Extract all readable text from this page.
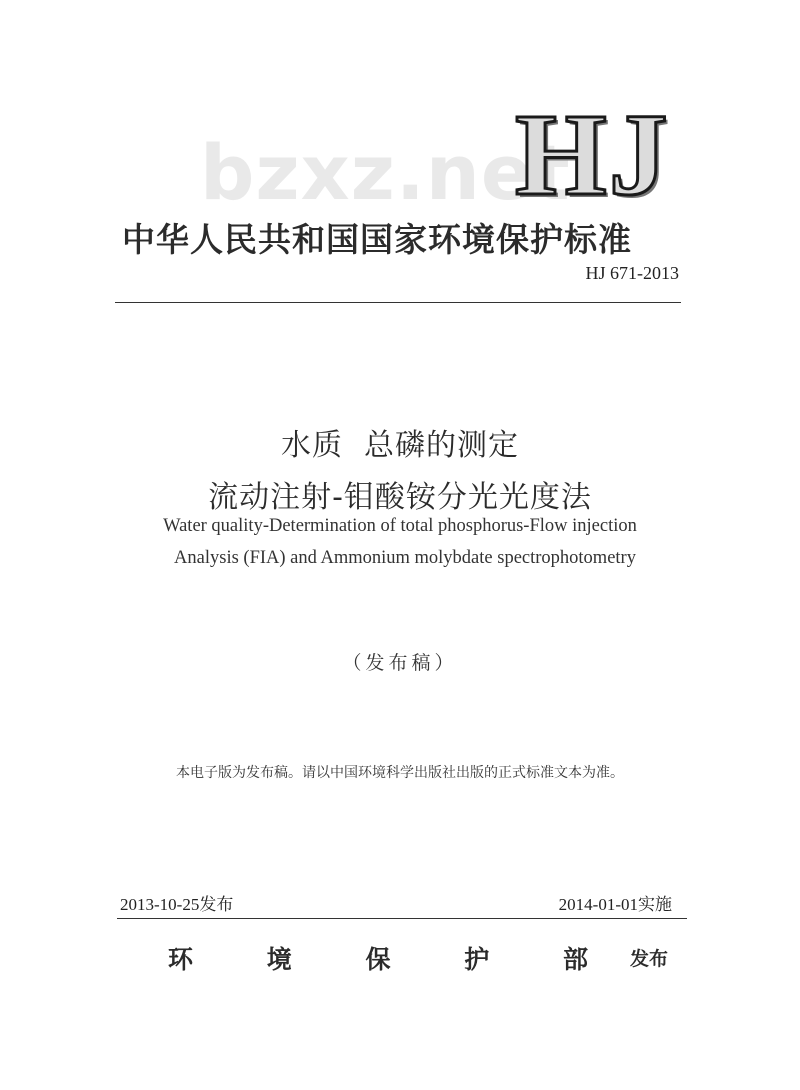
bzxz.net
HJ
中华人民共和国国家环境保护标准
HJ 671-2013
水质  总磷的测定
流动注射-钼酸铵分光光度法
Water quality-Determination of total phosphorus-Flow injection
Analysis (FIA) and Ammonium molybdate spectrophotometry
（发布稿）
本电子版为发布稿。请以中国环境科学出版社出版的正式标准文本为准。
2013-10-25发布	2014-01-01实施
环	境	保	护	部 发布
